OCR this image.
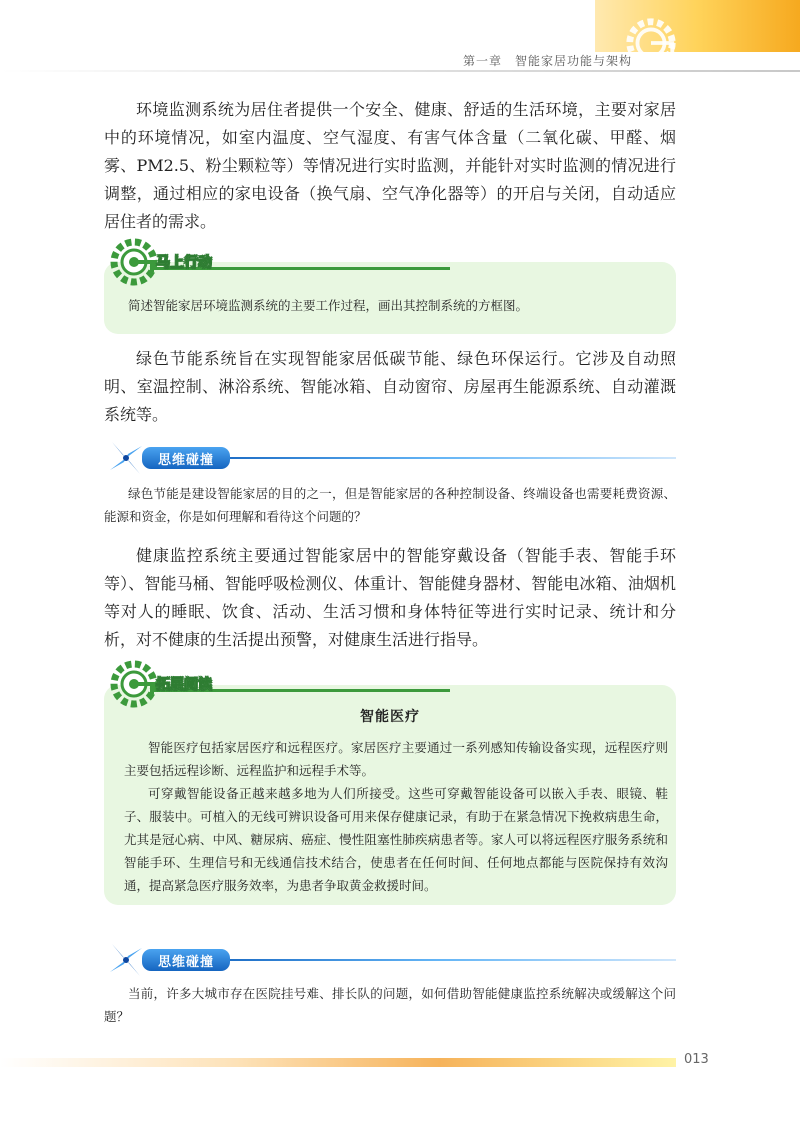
第一章　智能家居功能与架构

环境监测系统为居住者提供一个安全、健康、舒适的生活环境，主要对家居中的环境情况，如室内温度、空气湿度、有害气体含量（二氧化碳、甲醛、烟雾、PM2.5、粉尘颗粒等）等情况进行实时监测，并能针对实时监测的情况进行调整，通过相应的家电设备（换气扇、空气净化器等）的开启与关闭，自动适应居住者的需求。

马上行动

简述智能家居环境监测系统的主要工作过程，画出其控制系统的方框图。

绿色节能系统旨在实现智能家居低碳节能、绿色环保运行。它涉及自动照明、室温控制、淋浴系统、智能冰箱、自动窗帘、房屋再生能源系统、自动灌溉系统等。

思维碰撞

绿色节能是建设智能家居的目的之一，但是智能家居的各种控制设备、终端设备也需要耗费资源、能源和资金，你是如何理解和看待这个问题的？

健康监控系统主要通过智能家居中的智能穿戴设备（智能手表、智能手环等）、智能马桶、智能呼吸检测仪、体重计、智能健身器材、智能电冰箱、油烟机等对人的睡眠、饮食、活动、生活习惯和身体特征等进行实时记录、统计和分析，对不健康的生活提出预警，对健康生活进行指导。

拓展阅读
智能医疗

智能医疗包括家居医疗和远程医疗。家居医疗主要通过一系列感知传输设备实现，远程医疗则主要包括远程诊断、远程监护和远程手术等。

可穿戴智能设备正越来越多地为人们所接受。这些可穿戴智能设备可以嵌入手表、眼镜、鞋子、服装中。可植入的无线可辨识设备可用来保存健康记录，有助于在紧急情况下挽救病患生命，尤其是冠心病、中风、糖尿病、癌症、慢性阻塞性肺疾病患者等。家人可以将远程医疗服务系统和智能手环、生理信号和无线通信技术结合，使患者在任何时间、任何地点都能与医院保持有效沟通，提高紧急医疗服务效率，为患者争取黄金救援时间。

思维碰撞

当前，许多大城市存在医院挂号难、排长队的问题，如何借助智能健康监控系统解决或缓解这个问题？

013
